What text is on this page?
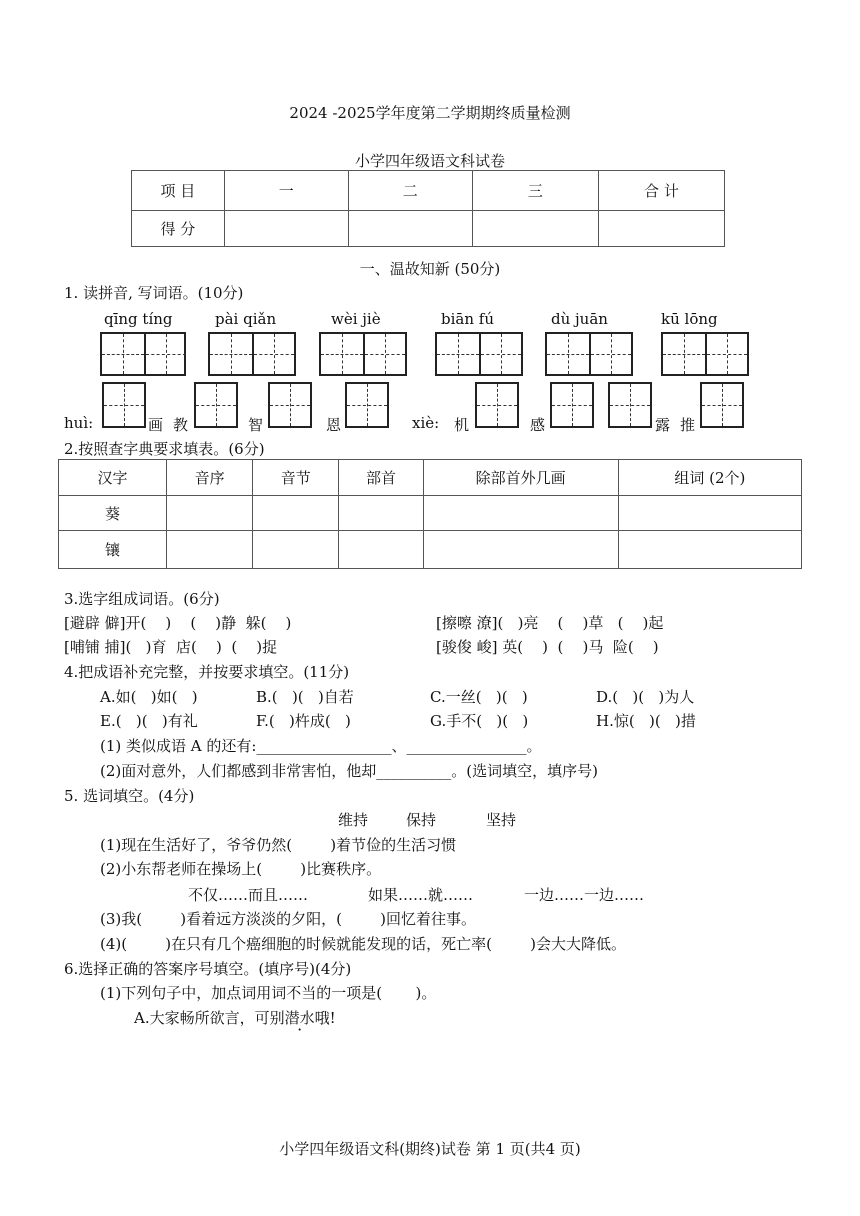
2024 -2025学年度第二学期期终质量检测
小学四年级语文科试卷
项 目	一	二	三	合 计
得 分				
一、温故知新 (50分)
1. 读拼音, 写词语。(10分)
qīng tíng	pài qiǎn	wèi jiè	biān fú	dù juān	kū lōng
huì:	画 教	智	恩	xiè: 机	感	露 推
2.按照查字典要求填表。(6分)
汉字	音序	音节	部首	除部首外几画	组词 (2个)
葵					
镶					
3.选字组成词语。(6分)
[避辟 僻]开(    )    (    )静  躲(    )	[擦嚓 潦](   )亮    (    )草   (    )起
[哺铺 捕](   )育  店(    )  (    )捉	[骏俊 峻] 英(    )  (    )马  险(    )
4.把成语补充完整，并按要求填空。(11分)
A.如(   )如(   )	B.(   )(   )自若	C.一丝(   )(   )	D.(   )(   )为人
E.(   )(   )有礼	F.(   )杵成(   )	G.手不(   )(   )	H.惊(   )(   )措
(1) 类似成语 A 的还有:__________________、________________。
(2)面对意外，人们都感到非常害怕，他却__________。(选词填空，填序号)
5. 选词填空。(4分)
维持	保持	坚持
(1)现在生活好了，爷爷仍然(        )着节俭的生活习惯
(2)小东帮老师在操场上(        )比赛秩序。
不仅……而且……	如果……就……	一边……一边……
(3)我(        )看着远方淡淡的夕阳，(        )回忆着往事。
(4)(        )在只有几个癌细胞的时候就能发现的话，死亡率(        )会大大降低。
6.选择正确的答案序号填空。(填序号)(4分)
(1)下列句子中，加点词用词不当的一项是(       )。
A.大家畅所欲言，可别潜水哦!
小学四年级语文科(期终)试卷 第 1 页(共4 页)
